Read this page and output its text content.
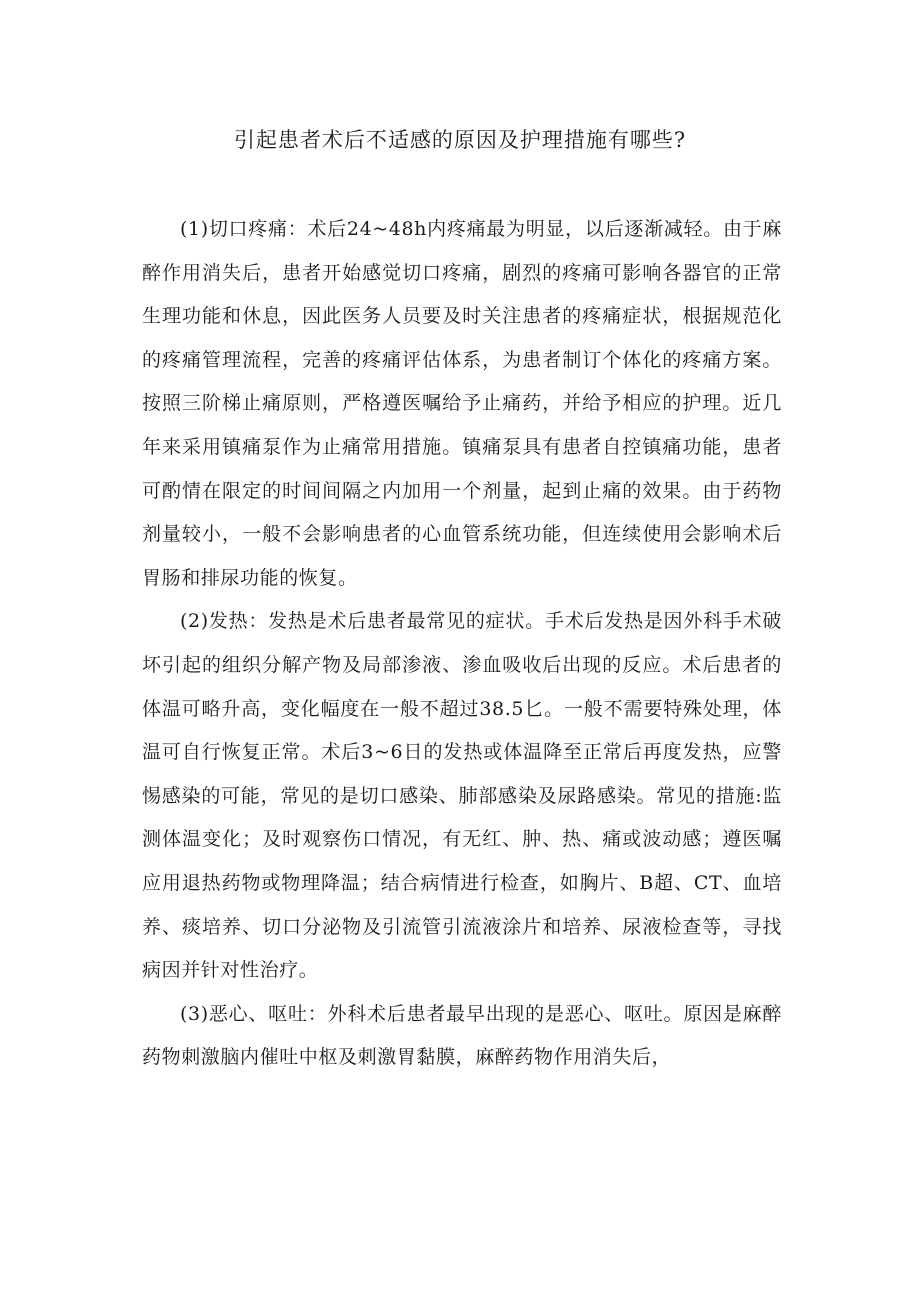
引起患者术后不适感的原因及护理措施有哪些?

(1)切口疼痛：术后24~48h内疼痛最为明显，以后逐渐减轻。由于麻醉作用消失后，患者开始感觉切口疼痛，剧烈的疼痛可影响各器官的正常生理功能和休息，因此医务人员要及时关注患者的疼痛症状，根据规范化的疼痛管理流程，完善的疼痛评估体系，为患者制订个体化的疼痛方案。按照三阶梯止痛原则，严格遵医嘱给予止痛药，并给予相应的护理。近几年来采用镇痛泵作为止痛常用措施。镇痛泵具有患者自控镇痛功能，患者可酌情在限定的时间间隔之内加用一个剂量，起到止痛的效果。由于药物剂量较小，一般不会影响患者的心血管系统功能，但连续使用会影响术后胃肠和排尿功能的恢复。

(2)发热：发热是术后患者最常见的症状。手术后发热是因外科手术破坏引起的组织分解产物及局部渗液、渗血吸收后出现的反应。术后患者的体温可略升高，变化幅度在一般不超过38.5匕。一般不需要特殊处理，体温可自行恢复正常。术后3~6日的发热或体温降至正常后再度发热，应警惕感染的可能，常见的是切口感染、肺部感染及尿路感染。常见的措施:监测体温变化；及时观察伤口情况，有无红、肿、热、痛或波动感；遵医嘱应用退热药物或物理降温；结合病情进行检查，如胸片、B超、CT、血培养、痰培养、切口分泌物及引流管引流液涂片和培养、尿液检查等，寻找病因并针对性治疗。

(3)恶心、呕吐：外科术后患者最早出现的是恶心、呕吐。原因是麻醉药物刺激脑内催吐中枢及刺激胃黏膜，麻醉药物作用消失后，
